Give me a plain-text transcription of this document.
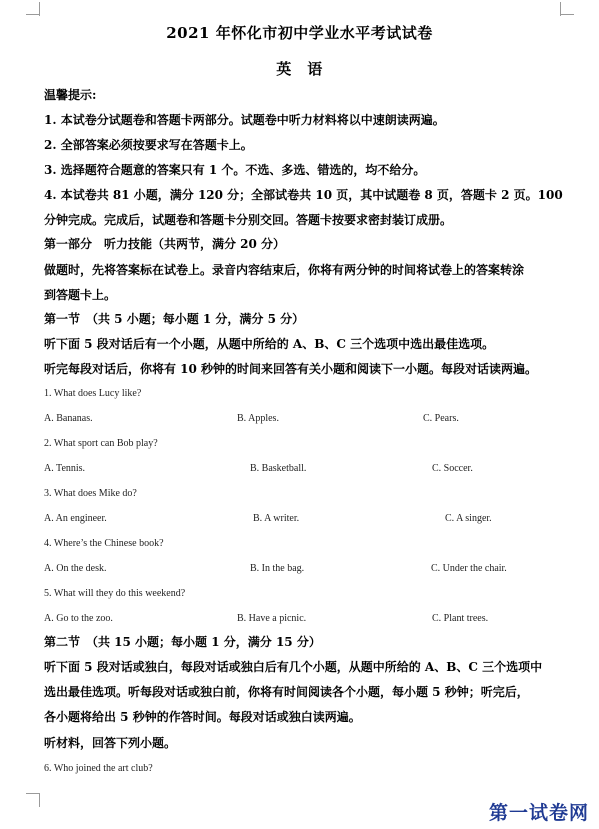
2021 年怀化市初中学业水平考试试卷
英　语
温馨提示:
1. 本试卷分试题卷和答题卡两部分。试题卷中听力材料将以中速朗读两遍。
2. 全部答案必须按要求写在答题卡上。
3. 选择题符合题意的答案只有 1 个。不选、多选、错选的，均不给分。
4. 本试卷共 81 小题，满分 120 分；全部试卷共 10 页，其中试题卷 8 页，答题卡 2 页。100
分钟完成。完成后，试题卷和答题卡分别交回。答题卡按要求密封装订成册。
第一部分　听力技能（共两节，满分 20 分）
做题时，先将答案标在试卷上。录音内容结束后，你将有两分钟的时间将试卷上的答案转涂
到答题卡上。
第一节　（共 5 小题；每小题 1 分，满分 5 分）
听下面 5 段对话后有一个小题，从题中所给的 A、B、C 三个选项中选出最佳选项。
听完每段对话后，你将有 10 秒钟的时间来回答有关小题和阅读下一小题。每段对话读两遍。
1. What does Lucy like?
A. Bananas.	B. Apples.	C. Pears.
2. What sport can Bob play?
A. Tennis.	B. Basketball.	C. Soccer.
3. What does Mike do?
A. An engineer.	B. A writer.	C. A singer.
4. Where’s the Chinese book?
A. On the desk.	B. In the bag.	C. Under the chair.
5. What will they do this weekend?
A. Go to the zoo.	B. Have a picnic.	C. Plant trees.
第二节　（共 15 小题；每小题 1 分，满分 15 分）
听下面 5 段对话或独白，每段对话或独白后有几个小题，从题中所给的 A、B、C 三个选项中
选出最佳选项。听每段对话或独白前，你将有时间阅读各个小题，每小题 5 秒钟；听完后，
各小题将给出 5 秒钟的作答时间。每段对话或独白读两遍。
听材料，回答下列小题。
6. Who joined the art club?
第一试卷网
